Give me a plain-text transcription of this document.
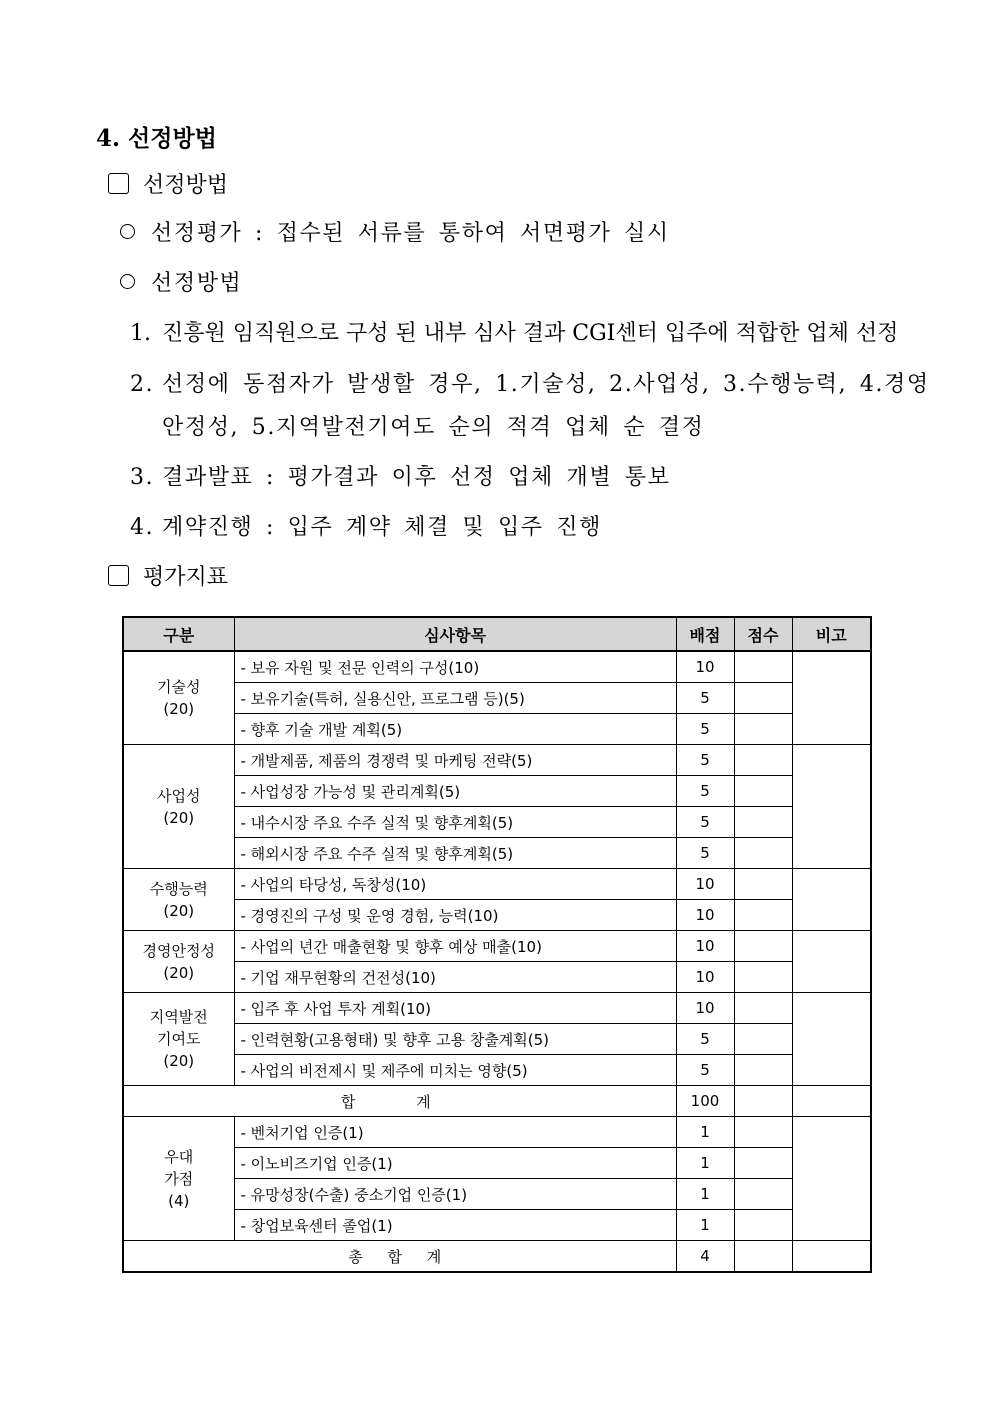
4. 선정방법
선정방법
선정평가 : 접수된 서류를 통하여 서면평가 실시
선정방법
1. 진흥원 임직원으로 구성 된 내부 심사 결과 CGI센터 입주에 적합한 업체 선정
2. 선정에 동점자가 발생할 경우, 1.기술성, 2.사업성, 3.수행능력, 4.경영
안정성, 5.지역발전기여도 순의 적격 업체 순 결정
3. 결과발표 : 평가결과 이후 선정 업체 개별 통보
4. 계약진행 : 입주 계약 체결 및 입주 진행
평가지표
구분	심사항목	배점	점수	비고

기술성
(20)	- 보유 자원 및 전문 인력의 구성(10)	10		
	- 보유기술(특허, 실용신안, 프로그램 등)(5)	5		
	- 향후 기술 개발 계획(5)	5		

사업성
(20)	- 개발제품, 제품의 경쟁력 및 마케팅 전략(5)	5		
	- 사업성장 가능성 및 관리계획(5)	5		
	- 내수시장 주요 수주 실적 및 향후계획(5)	5		
	- 해외시장 주요 수주 실적 및 향후계획(5)	5		

수행능력
(20)	- 사업의 타당성, 독창성(10)	10		
	- 경영진의 구성 및 운영 경험, 능력(10)	10		

경영안정성
(20)	- 사업의 년간 매출현황 및 향후 예상 매출(10)	10		
	- 기업 재무현황의 건전성(10)	10		

지역발전
기여도
(20)	- 입주 후 사업 투자 계획(10)	10		
	- 인력현황(고용형태) 및 향후 고용 창출계획(5)	5		
	- 사업의 비전제시 및 제주에 미치는 영향(5)	5		
합 계		100		

우대
가점
(4)	- 벤처기업 인증(1)	1		
	- 이노비즈기업 인증(1)	1		
	- 유망성장(수출) 중소기업 인증(1)	1		
	- 창업보육센터 졸업(1)	1		
총 합 계		4		
